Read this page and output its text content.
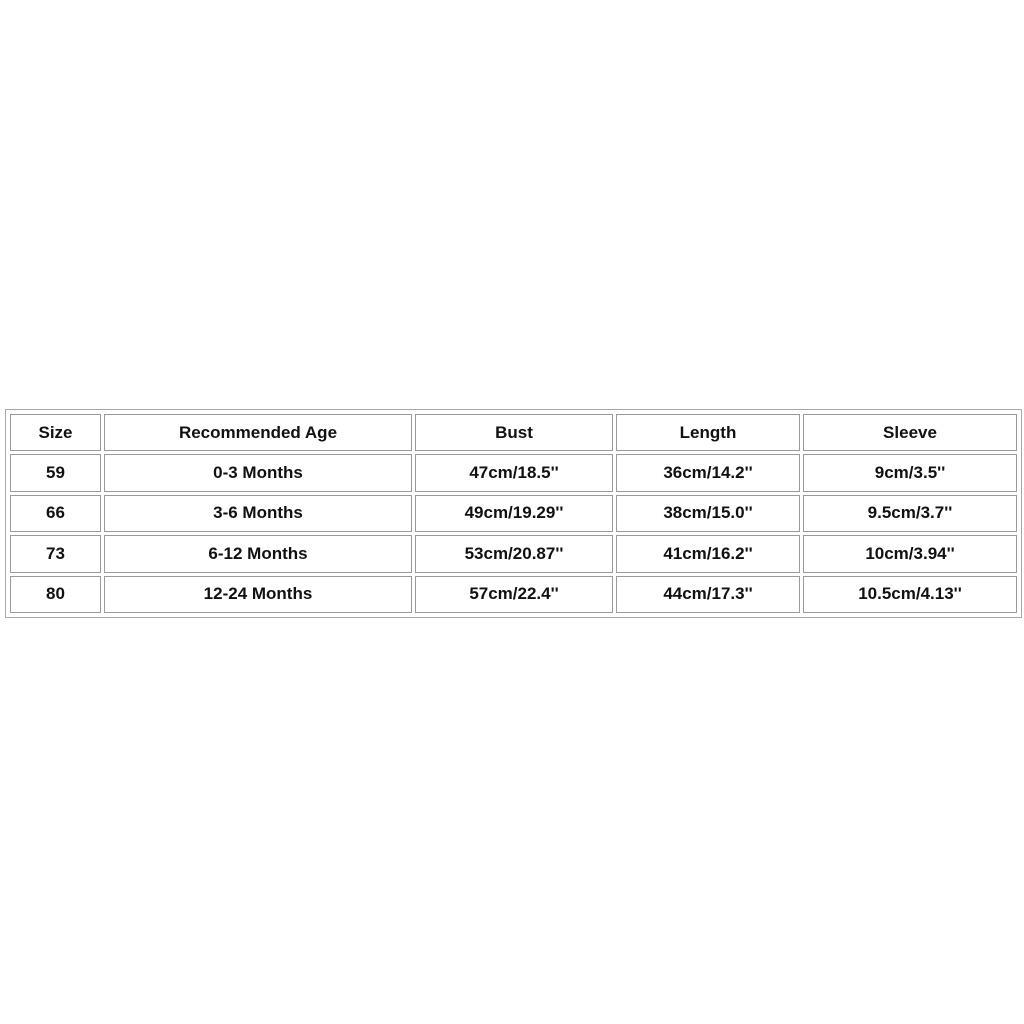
Size	Recommended Age	Bust	Length	Sleeve
59	0-3 Months	47cm/18.5''	36cm/14.2''	9cm/3.5''
66	3-6 Months	49cm/19.29''	38cm/15.0''	9.5cm/3.7''
73	6-12 Months	53cm/20.87''	41cm/16.2''	10cm/3.94''
80	12-24 Months	57cm/22.4''	44cm/17.3''	10.5cm/4.13''
